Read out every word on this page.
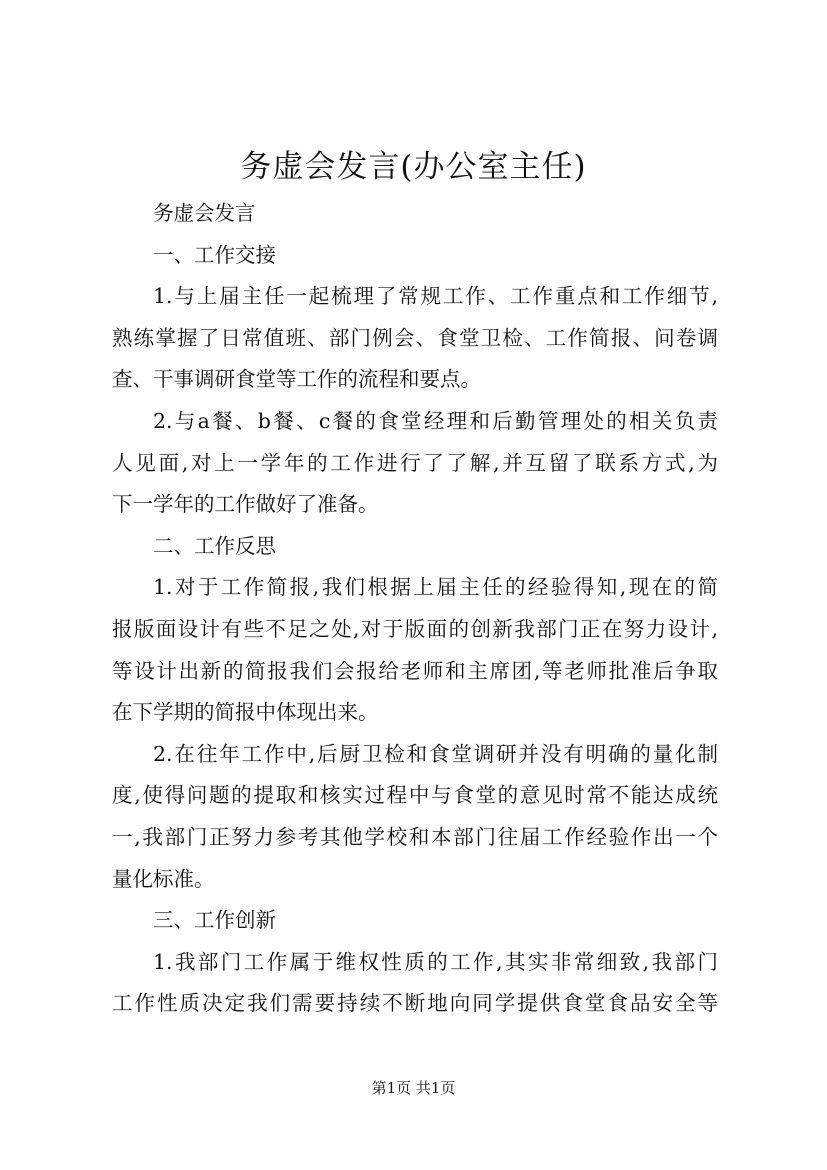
务虚会发言(办公室主任)
务虚会发言
一、工作交接
1.与上届主任一起梳理了常规工作、工作重点和工作细节,
熟练掌握了日常值班、部门例会、食堂卫检、工作简报、问卷调
查、干事调研食堂等工作的流程和要点。
2.与a餐、b餐、c餐的食堂经理和后勤管理处的相关负责
人见面,对上一学年的工作进行了了解,并互留了联系方式,为
下一学年的工作做好了准备。
二、工作反思
1.对于工作简报,我们根据上届主任的经验得知,现在的简
报版面设计有些不足之处,对于版面的创新我部门正在努力设计,
等设计出新的简报我们会报给老师和主席团,等老师批准后争取
在下学期的简报中体现出来。
2.在往年工作中,后厨卫检和食堂调研并没有明确的量化制
度,使得问题的提取和核实过程中与食堂的意见时常不能达成统
一,我部门正努力参考其他学校和本部门往届工作经验作出一个
量化标准。
三、工作创新
1.我部门工作属于维权性质的工作,其实非常细致,我部门
工作性质决定我们需要持续不断地向同学提供食堂食品安全等
第1页 共1页
